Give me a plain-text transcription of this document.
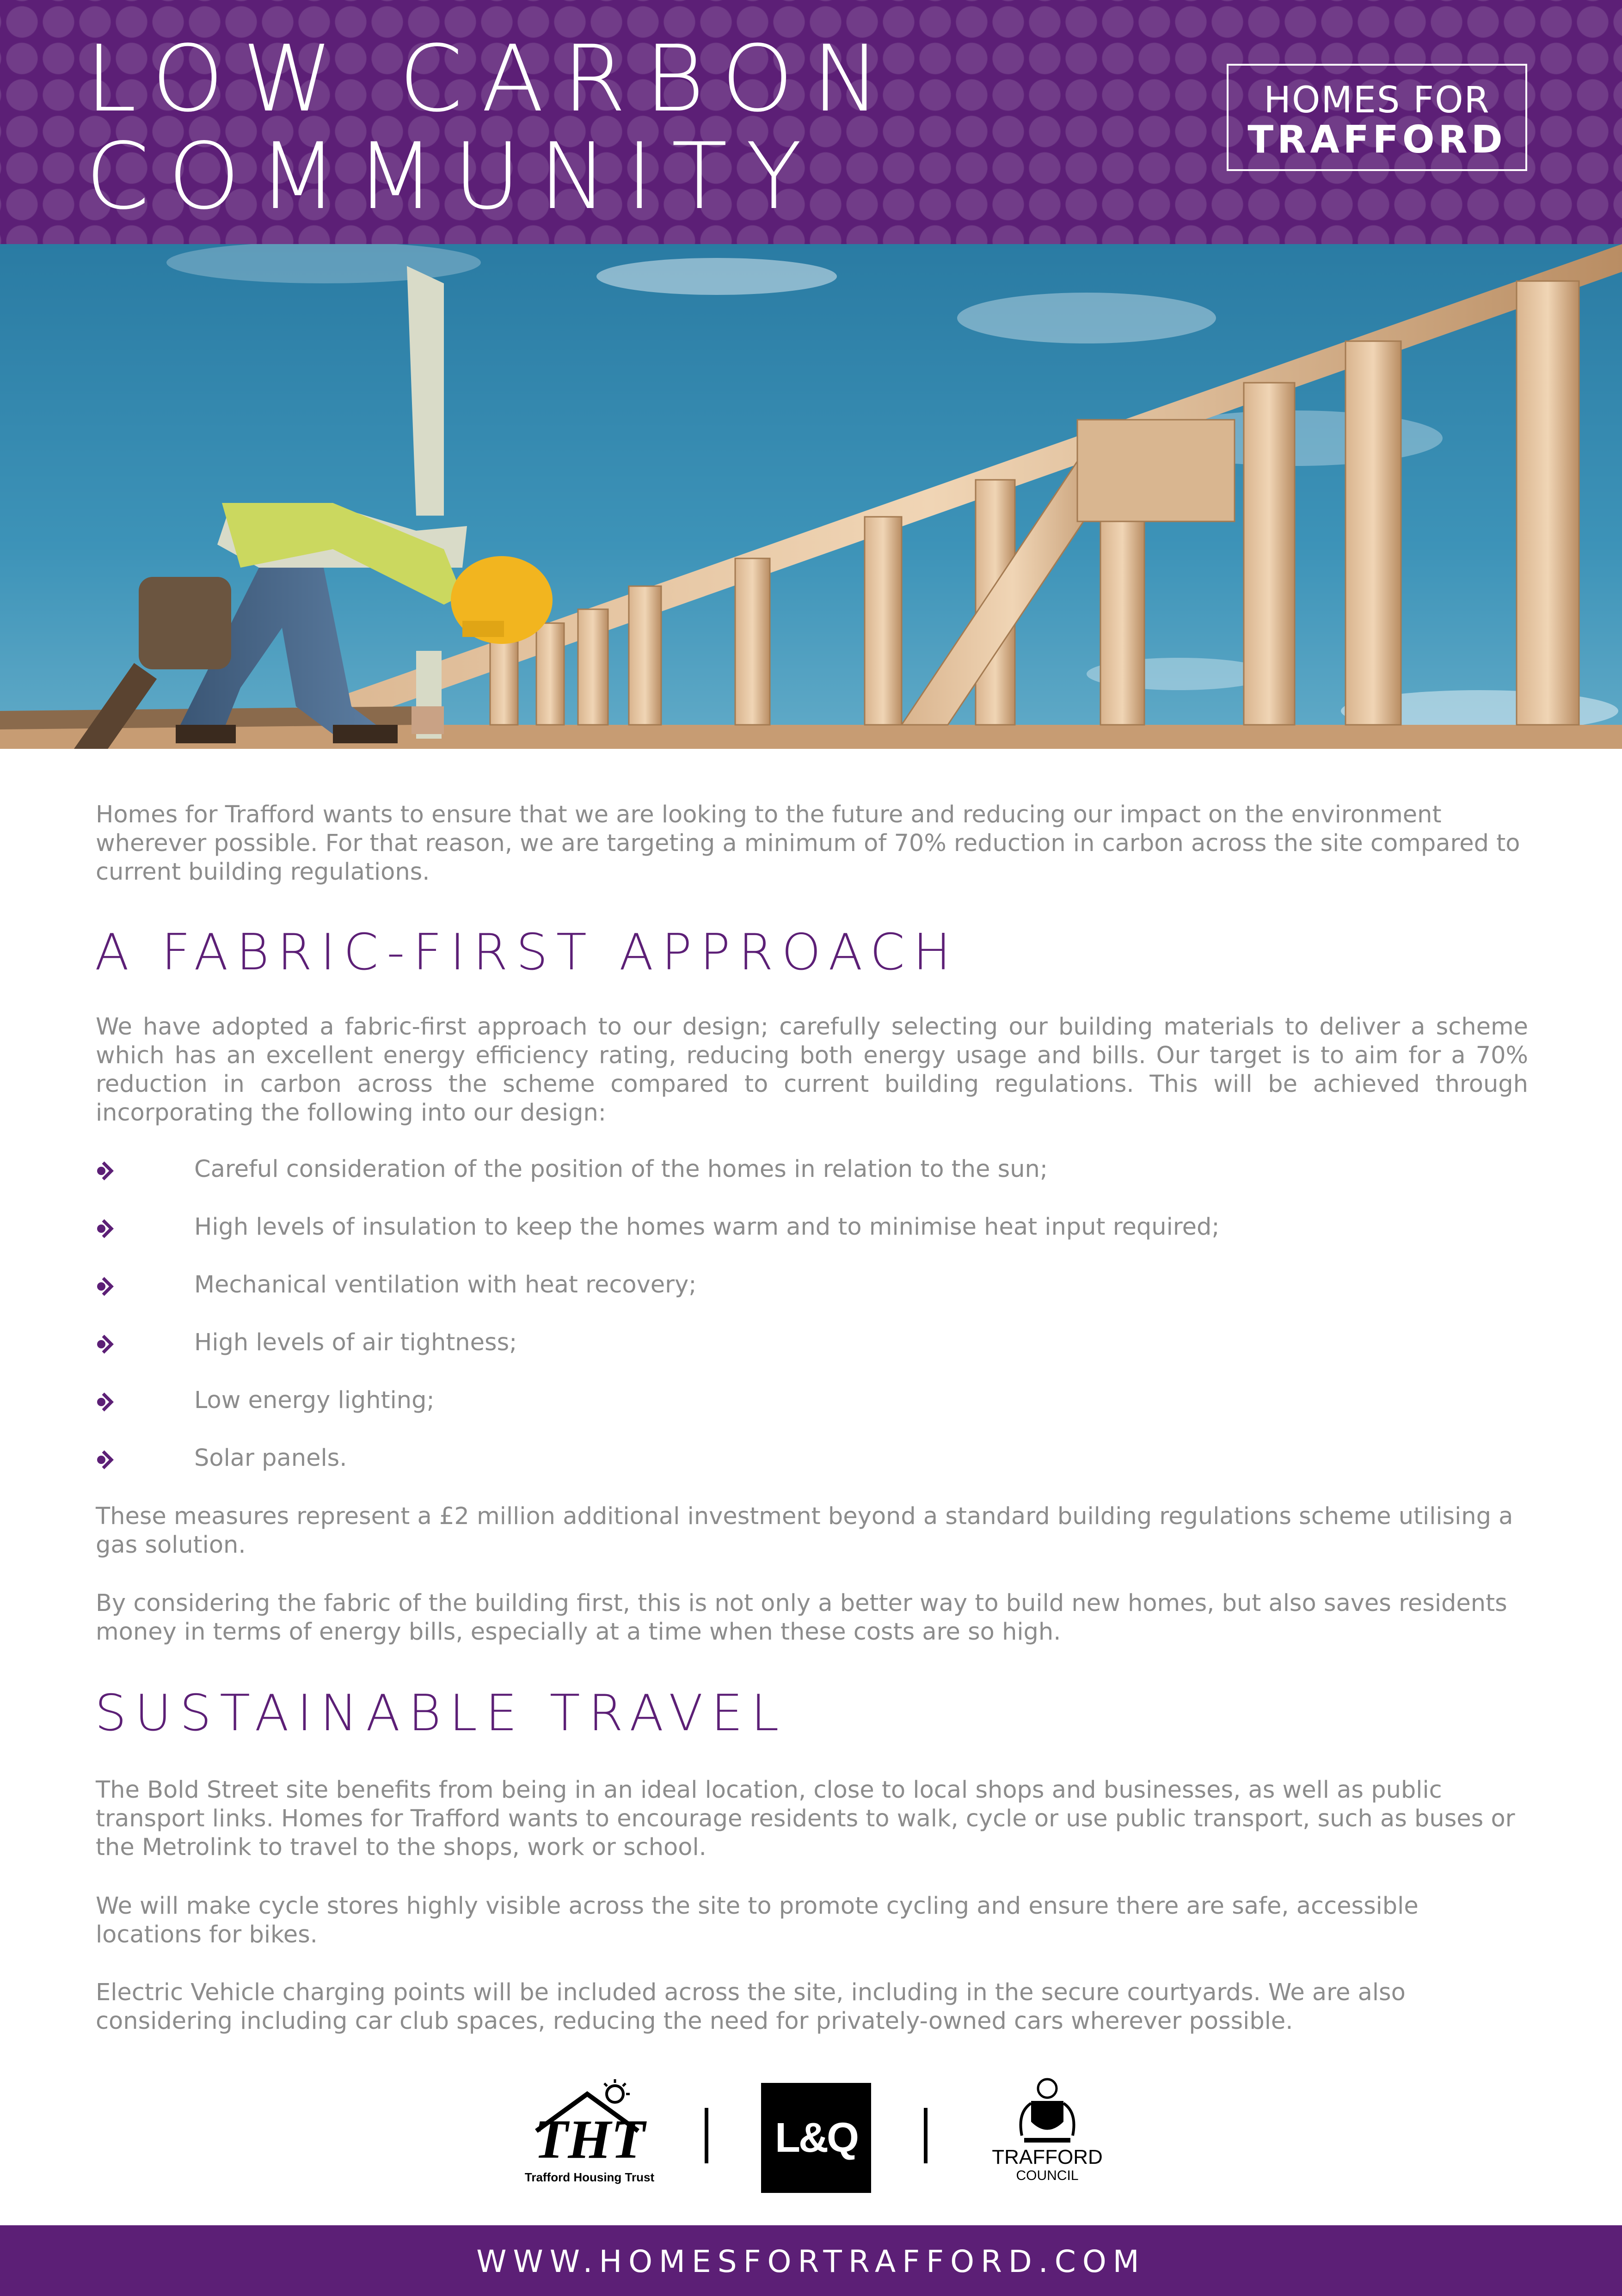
LOW CARBON
COMMUNITY
HOMES FOR
TRAFFORD

Homes for Trafford wants to ensure that we are looking to the future and reducing our impact on the environment wherever possible. For that reason, we are targeting a minimum of 70% reduction in carbon across the site compared to current building regulations.

A FABRIC-FIRST APPROACH

We have adopted a fabric-first approach to our design; carefully selecting our building materials to deliver a scheme which has an excellent energy efficiency rating, reducing both energy usage and bills. Our target is to aim for a 70% reduction in carbon across the scheme compared to current building regulations. This will be achieved through incorporating the following into our design:

Careful consideration of the position of the homes in relation to the sun;
High levels of insulation to keep the homes warm and to minimise heat input required;
Mechanical ventilation with heat recovery;
High levels of air tightness;
Low energy lighting;
Solar panels.

These measures represent a £2 million additional investment beyond a standard building regulations scheme utilising a gas solution.

By considering the fabric of the building first, this is not only a better way to build new homes, but also saves residents money in terms of energy bills, especially at a time when these costs are so high.

SUSTAINABLE TRAVEL

The Bold Street site benefits from being in an ideal location, close to local shops and businesses, as well as public transport links. Homes for Trafford wants to encourage residents to walk, cycle or use public transport, such as buses or the Metrolink to travel to the shops, work or school.

We will make cycle stores highly visible across the site to promote cycling and ensure there are safe, accessible locations for bikes.

Electric Vehicle charging points will be included across the site, including in the secure courtyards. We are also considering including car club spaces, reducing the need for privately-owned cars wherever possible.

THT
Trafford Housing Trust
L&Q	TRAFFORD
COUNCIL
WWW.HOMESFORTRAFFORD.COM
